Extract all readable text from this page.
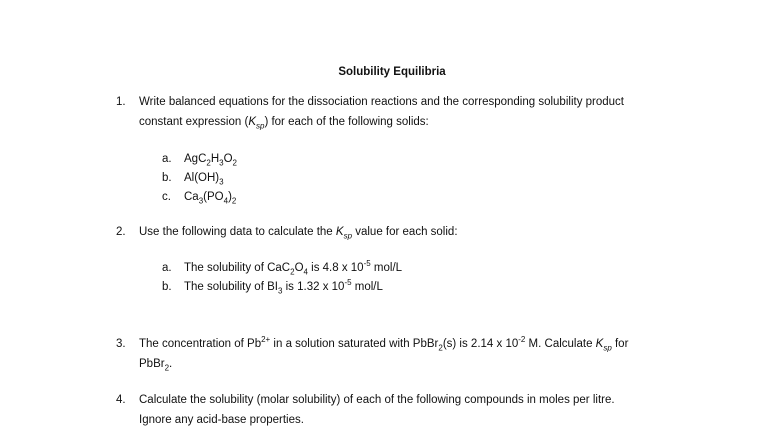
Solubility Equilibria
1. Write balanced equations for the dissociation reactions and the corresponding solubility product
constant expression $(K_{sp})$ for each of the following solids:
a. $AgC_2H_3O_2$
b. $Al(OH)_3$
c. $Ca_3(PO_4)_2$
2. Use the following data to calculate the $K_{sp}$ value for each solid:
a. The solubility of $CaC_2O_4$ is 4.8 x $10^{-5}$ mol/L
b. The solubility of $BI_3$ is 1.32 x $10^{-5}$ mol/L
3. The concentration of $Pb^{2+}$ in a solution saturated with PbBr$_2$(s) is 2.14 x $10^{-2}$ M. Calculate $K_{sp}$ for
PbBr$_2$.
4. Calculate the solubility (molar solubility) of each of the following compounds in moles per litre.
Ignore any acid-base properties.
